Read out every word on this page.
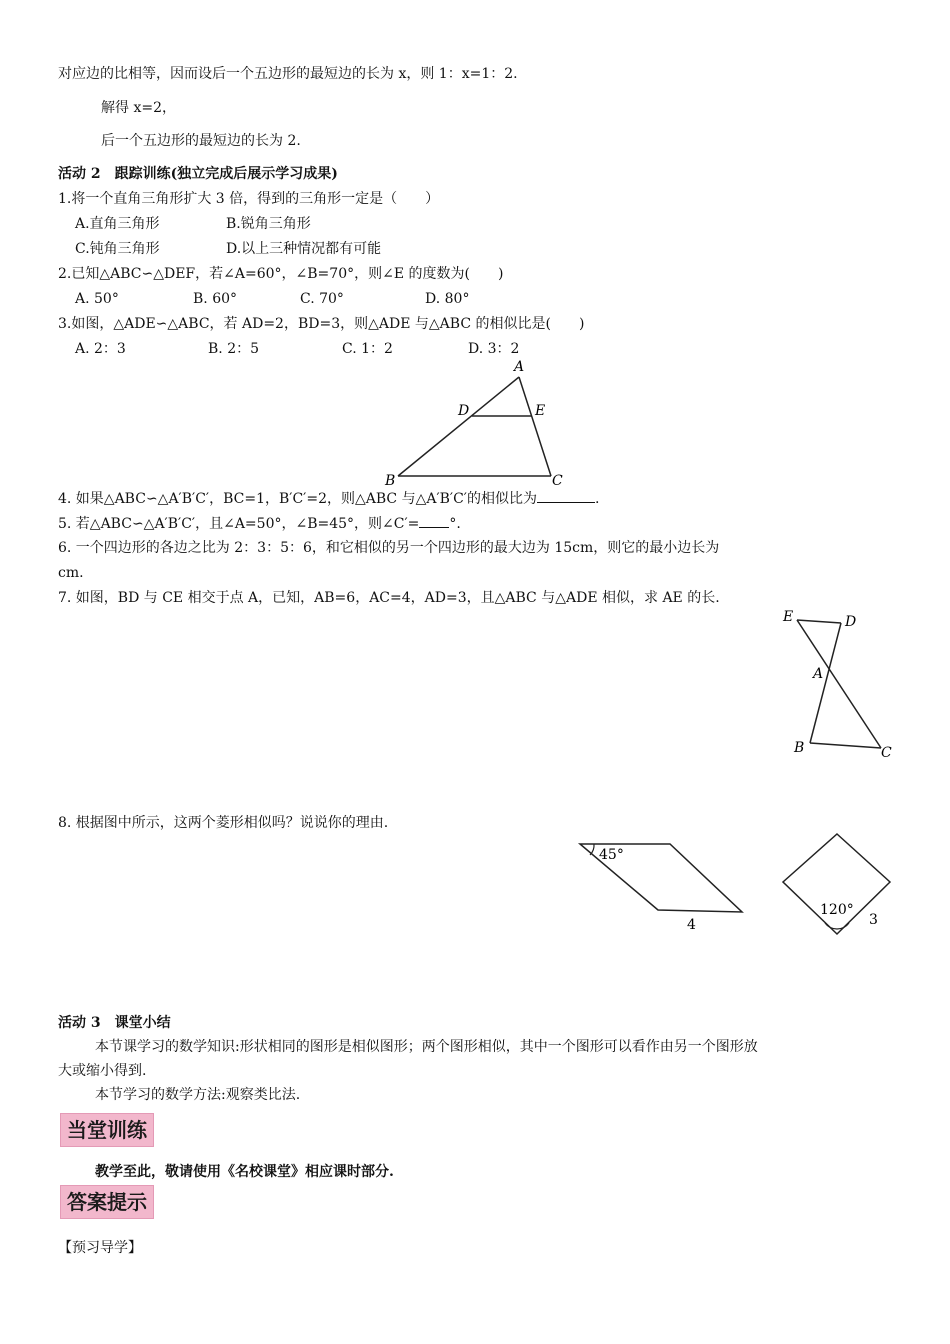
对应边的比相等，因而设后一个五边形的最短边的长为 x，则 1：x=1：2.
解得 x=2，
后一个五边形的最短边的长为 2.
活动 2　跟踪训练(独立完成后展示学习成果)
1.将一个直角三角形扩大 3 倍，得到的三角形一定是（　　）
A.直角三角形	B.锐角三角形
C.钝角三角形	D.以上三种情况都有可能
2.已知△ABC∽△DEF，若∠A=60°，∠B=70°，则∠E 的度数为(　　)
A. 50°	B. 60°	C. 70°	D. 80°
3.如图，△ADE∽△ABC，若 AD=2，BD=3，则△ADE 与△ABC 的相似比是(　　)
A. 2：3	B. 2：5	C. 1：2	D. 3：2
A
D	E
B	C
4. 如果△ABC∽△A′B′C′，BC=1，B′C′=2，则△ABC 与△A′B′C′的相似比为	.
5. 若△ABC∽△A′B′C′，且∠A=50°，∠B=45°，则∠C′= °.
6. 一个四边形的各边之比为 2：3：5：6，和它相似的另一个四边形的最大边为 15cm，则它的最小边长为
cm.
7. 如图，BD 与 CE 相交于点 A，已知，AB=6，AC=4，AD=3，且△ABC 与△ADE 相似，求 AE 的长.
E	D
A
B	C
8. 根据图中所示，这两个菱形相似吗？说说你的理由.
45°
4
120°
3
活动 3　课堂小结
本节课学习的数学知识:形状相同的图形是相似图形；两个图形相似，其中一个图形可以看作由另一个图形放
大或缩小得到.
本节学习的数学方法:观察类比法.
当堂训练
教学至此，敬请使用《名校课堂》相应课时部分.
答案提示
【预习导学】
